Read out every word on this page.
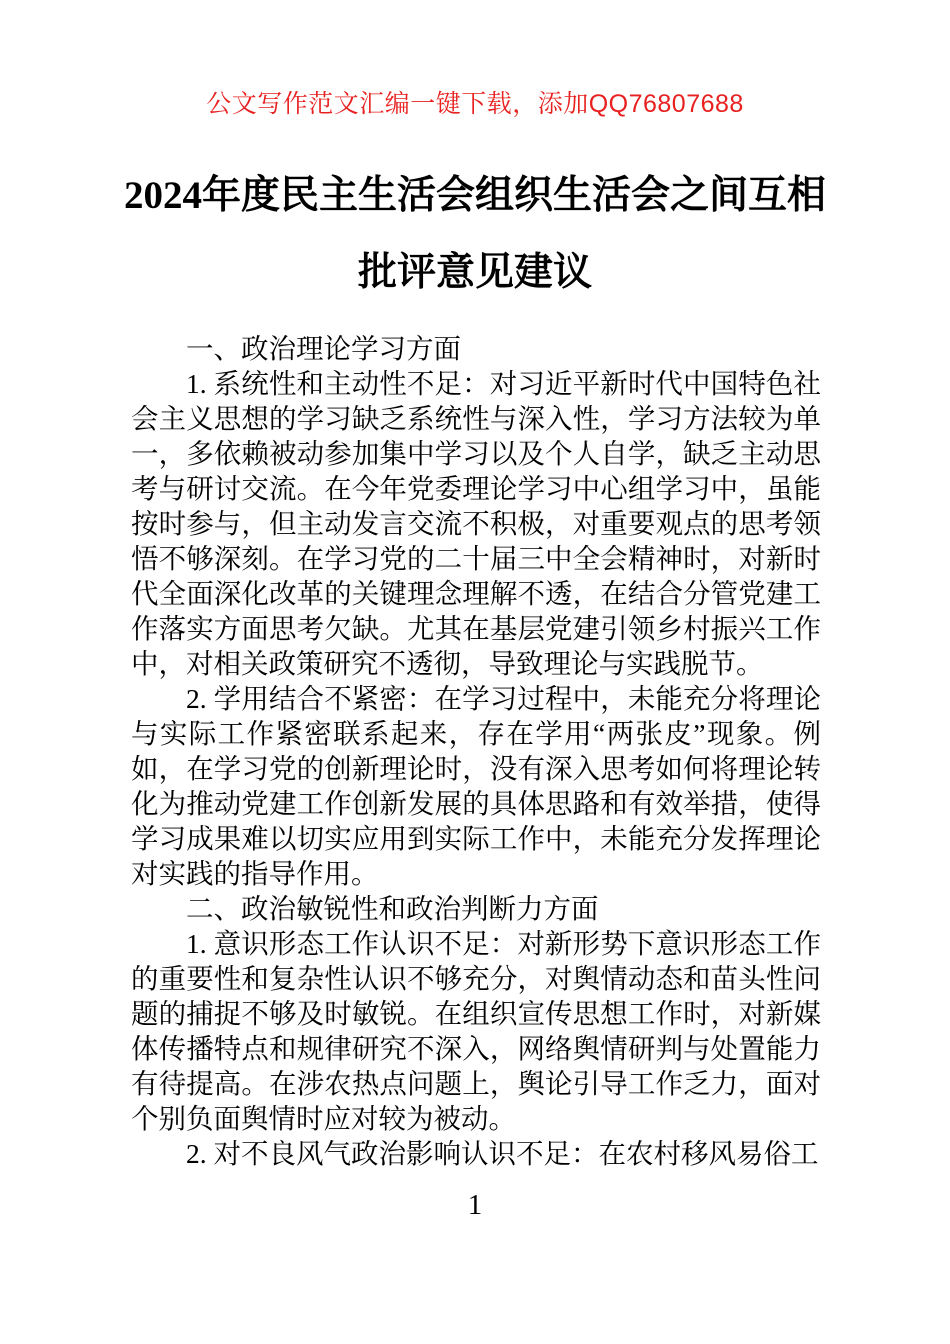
公文写作范文汇编一键下载，添加QQ76807688
2024年度民主生活会组织生活会之间互相
批评意见建议

一、政治理论学习方面

1. 系统性和主动性不足：对习近平新时代中国特色社会主义思想的学习缺乏系统性与深入性，学习方法较为单一，多依赖被动参加集中学习以及个人自学，缺乏主动思考与研讨交流。在今年党委理论学习中心组学习中，虽能按时参与，但主动发言交流不积极，对重要观点的思考领悟不够深刻。在学习党的二十届三中全会精神时，对新时代全面深化改革的关键理念理解不透，在结合分管党建工作落实方面思考欠缺。尤其在基层党建引领乡村振兴工作中，对相关政策研究不透彻，导致理论与实践脱节。

2. 学用结合不紧密：在学习过程中，未能充分将理论与实际工作紧密联系起来，存在学用“两张皮”现象。例如，在学习党的创新理论时，没有深入思考如何将理论转化为推动党建工作创新发展的具体思路和有效举措，使得学习成果难以切实应用到实际工作中，未能充分发挥理论对实践的指导作用。

二、政治敏锐性和政治判断力方面

1. 意识形态工作认识不足：对新形势下意识形态工作的重要性和复杂性认识不够充分，对舆情动态和苗头性问题的捕捉不够及时敏锐。在组织宣传思想工作时，对新媒体传播特点和规律研究不深入，网络舆情研判与处置能力有待提高。在涉农热点问题上，舆论引导工作乏力，面对个别负面舆情时应对较为被动。

2. 对不良风气政治影响认识不足：在农村移风易俗工

1
